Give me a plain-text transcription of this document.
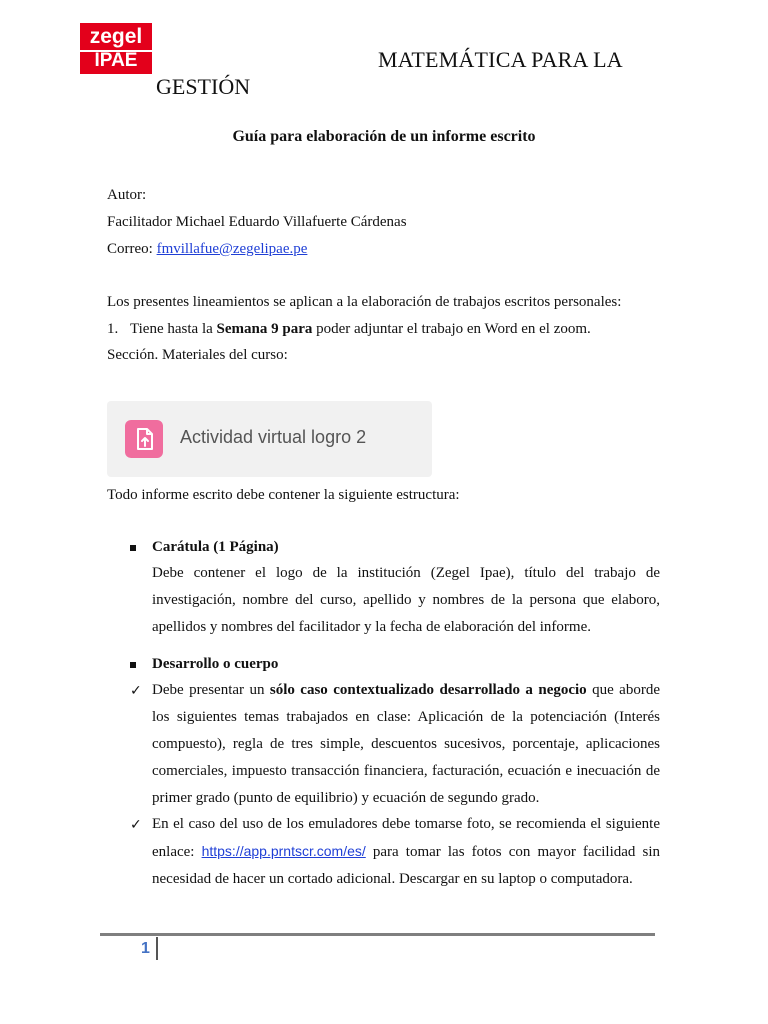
zegel
IPAE	MATEMÁTICA PARA LA
GESTIÓN
Guía para elaboración de un informe escrito
Autor:
Facilitador Michael Eduardo Villafuerte Cárdenas
Correo: fmvillafue@zegelipae.pe
Los presentes lineamientos se aplican a la elaboración de trabajos escritos personales:
1. Tiene hasta la Semana 9 para poder adjuntar el trabajo en Word en el zoom.
Sección. Materiales del curso:
Actividad virtual logro 2
Todo informe escrito debe contener la siguiente estructura:
Carátula (1 Página)
Debe contener el logo de la institución (Zegel Ipae), título del trabajo de investigación, nombre del curso, apellido y nombres de la persona que elaboro, apellidos y nombres del facilitador y la fecha de elaboración del informe.
Desarrollo o cuerpo
✓ Debe presentar un sólo caso contextualizado desarrollado a negocio que aborde los siguientes temas trabajados en clase: Aplicación de la potenciación (Interés compuesto), regla de tres simple, descuentos sucesivos, porcentaje, aplicaciones comerciales, impuesto transacción financiera, facturación, ecuación e inecuación de primer grado (punto de equilibrio) y ecuación de segundo grado.
✓ En el caso del uso de los emuladores debe tomarse foto, se recomienda el siguiente enlace: https://app.prntscr.com/es/ para tomar las fotos con mayor facilidad sin necesidad de hacer un cortado adicional. Descargar en su laptop o computadora.
1
